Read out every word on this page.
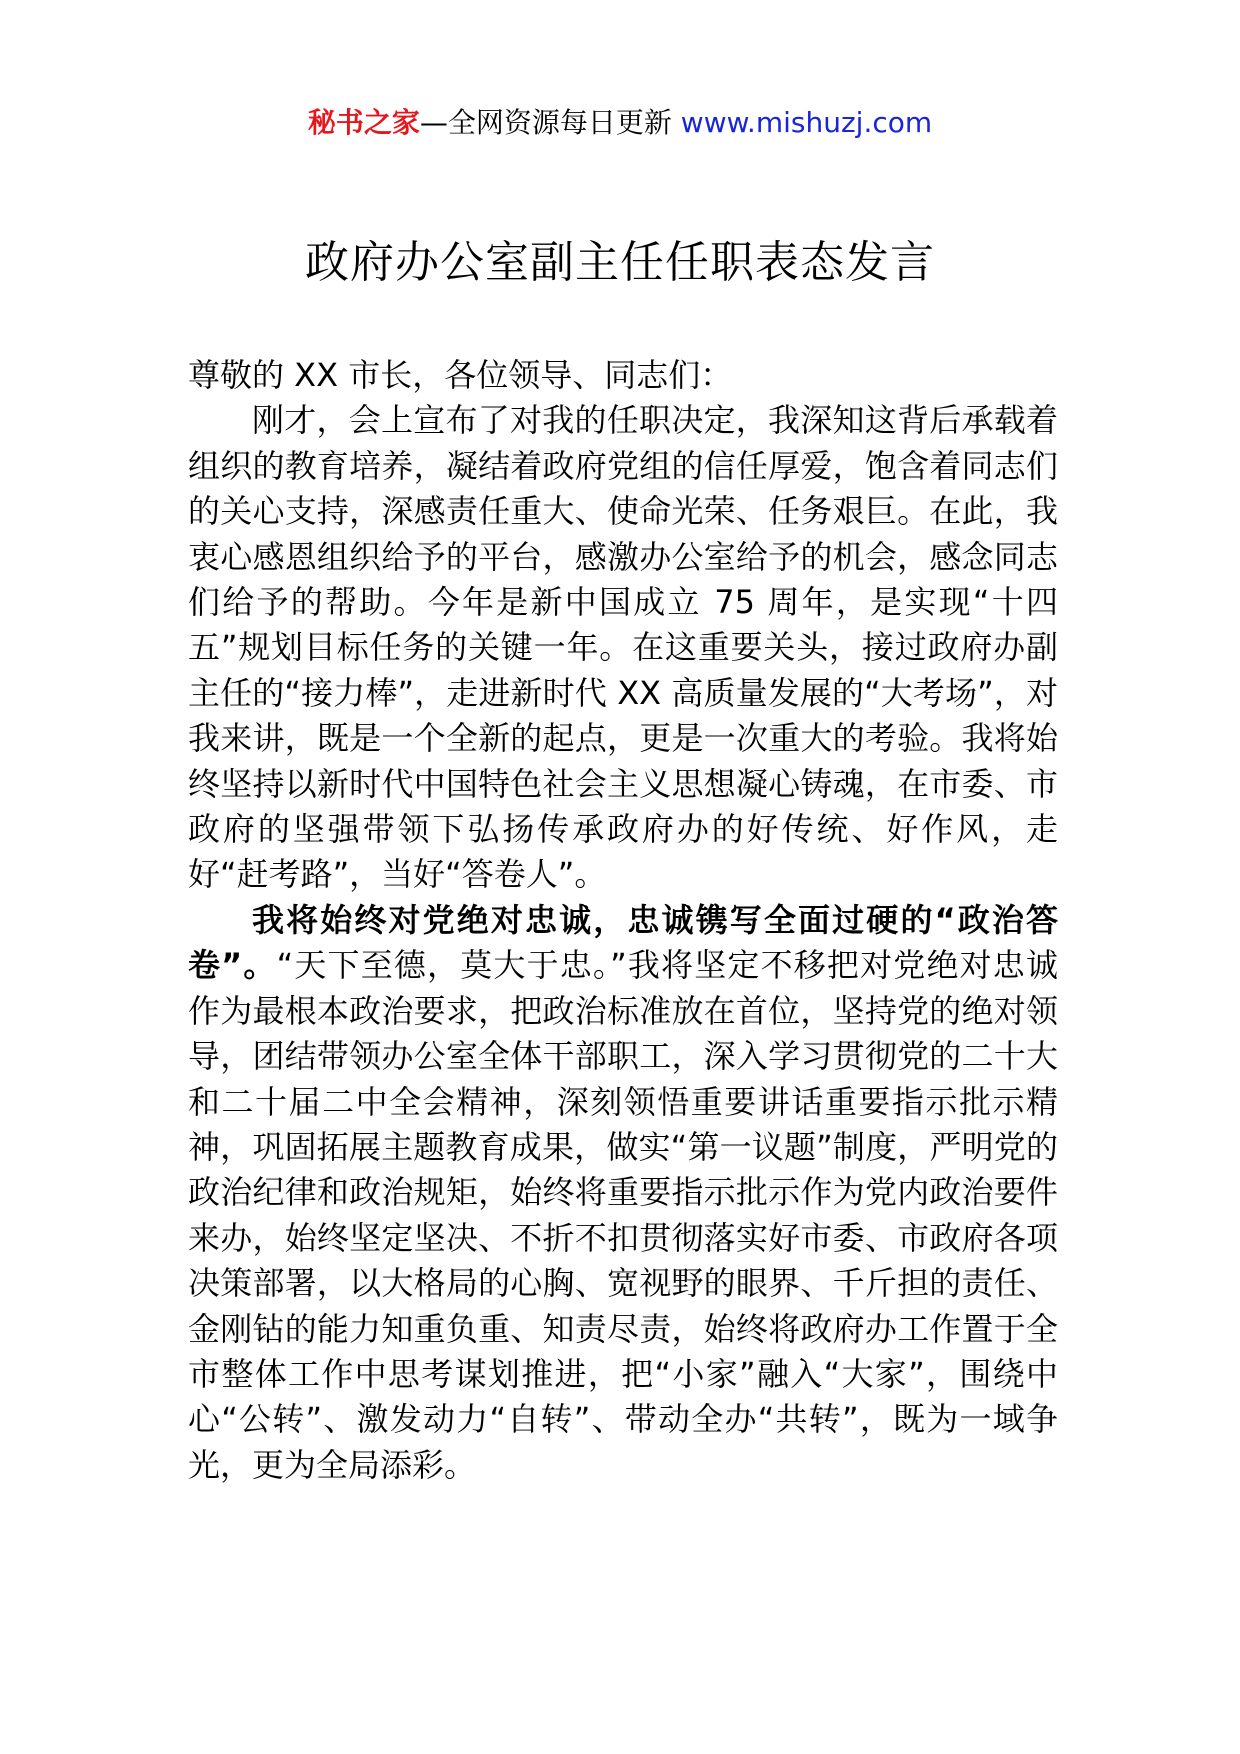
秘书之家—全网资源每日更新 www.mishuzj.com
政府办公室副主任任职表态发言

尊敬的 XX 市长，各位领导、同志们：

刚才，会上宣布了对我的任职决定，我深知这背后承载着组织的教育培养，凝结着政府党组的信任厚爱，饱含着同志们的关心支持，深感责任重大、使命光荣、任务艰巨。在此，我衷心感恩组织给予的平台，感激办公室给予的机会，感念同志们给予的帮助。今年是新中国成立 75 周年，是实现“十四五”规划目标任务的关键一年。在这重要关头，接过政府办副主任的“接力棒”，走进新时代 XX 高质量发展的“大考场”，对我来讲，既是一个全新的起点，更是一次重大的考验。我将始终坚持以新时代中国特色社会主义思想凝心铸魂，在市委、市政府的坚强带领下弘扬传承政府办的好传统、好作风，走好“赶考路”，当好“答卷人”。

我将始终对党绝对忠诚，忠诚镌写全面过硬的“政治答卷”。“天下至德，莫大于忠。”我将坚定不移把对党绝对忠诚作为最根本政治要求，把政治标准放在首位，坚持党的绝对领导，团结带领办公室全体干部职工，深入学习贯彻党的二十大和二十届二中全会精神，深刻领悟重要讲话重要指示批示精神，巩固拓展主题教育成果，做实“第一议题”制度，严明党的政治纪律和政治规矩，始终将重要指示批示作为党内政治要件来办，始终坚定坚决、不折不扣贯彻落实好市委、市政府各项决策部署，以大格局的心胸、宽视野的眼界、千斤担的责任、金刚钻的能力知重负重、知责尽责，始终将政府办工作置于全市整体工作中思考谋划推进，把“小家”融入“大家”，围绕中心“公转”、激发动力“自转”、带动全办“共转”，既为一域争光，更为全局添彩。
